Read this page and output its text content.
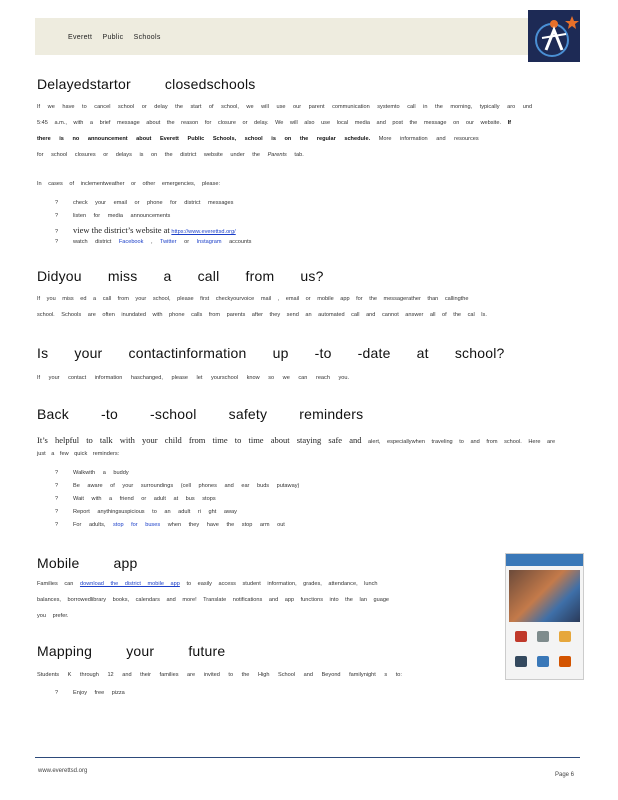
Everett Public Schools
Delayedstartor closedschools
If we have to cancel school or delay the start of school, we will use our parent communication systemto call in the morning, typically aro und
5:45 a.m., with a brief message about the reason for closure or delay. We will also use local media and post the message on our website. If
there is no announcement about Everett Public Schools, school is on the regular schedule. More information and resources
for school closures or delays is on the district website under the Parents tab.
In cases of inclementweather or other emergencies, please:
?	check your email or phone for district messages
?	listen for media announcements
? view the district’s website at https://www.everettsd.org/
?	watch district Facebook , Twitter or Instagram accounts
Didyou miss a call from us?
If you miss ed a call from your school, please first checkyourvoice mail , email or mobile app for the messagerather than callingthe
school. Schools are often inundated with phone calls from parents after they send an automated call and cannot answer all of the cal ls.
Is your contactinformation up -to -date at school?
If your contact information haschanged, please let yourschool know so we can reach you.
Back -to -school safety reminders
It’s helpful to talk with your child from time to time about staying safe and alert, especiallywhen traveling to and from school. Here are
just a few quick reminders:
?	Walkwith a buddy
?	Be aware of your surroundings (cell phones and ear buds putaway)
?	Wait with a friend or adult at bus stops
?	Report anythingsuspicious to an adult ri ght away
?	For adults, stop for buses when they have the stop arm out
Mobile app
Families can download the district mobile app to easily access student information, grades, attendance, lunch
balances, borrowedlibrary books, calendars and more! Translate notifications and app functions into the lan guage
you prefer.
Mapping your future
Students K through 12 and their families are invited to the High School and Beyond familynight s to:
?	Enjoy free pizza
www.everettsd.org
Page 6
